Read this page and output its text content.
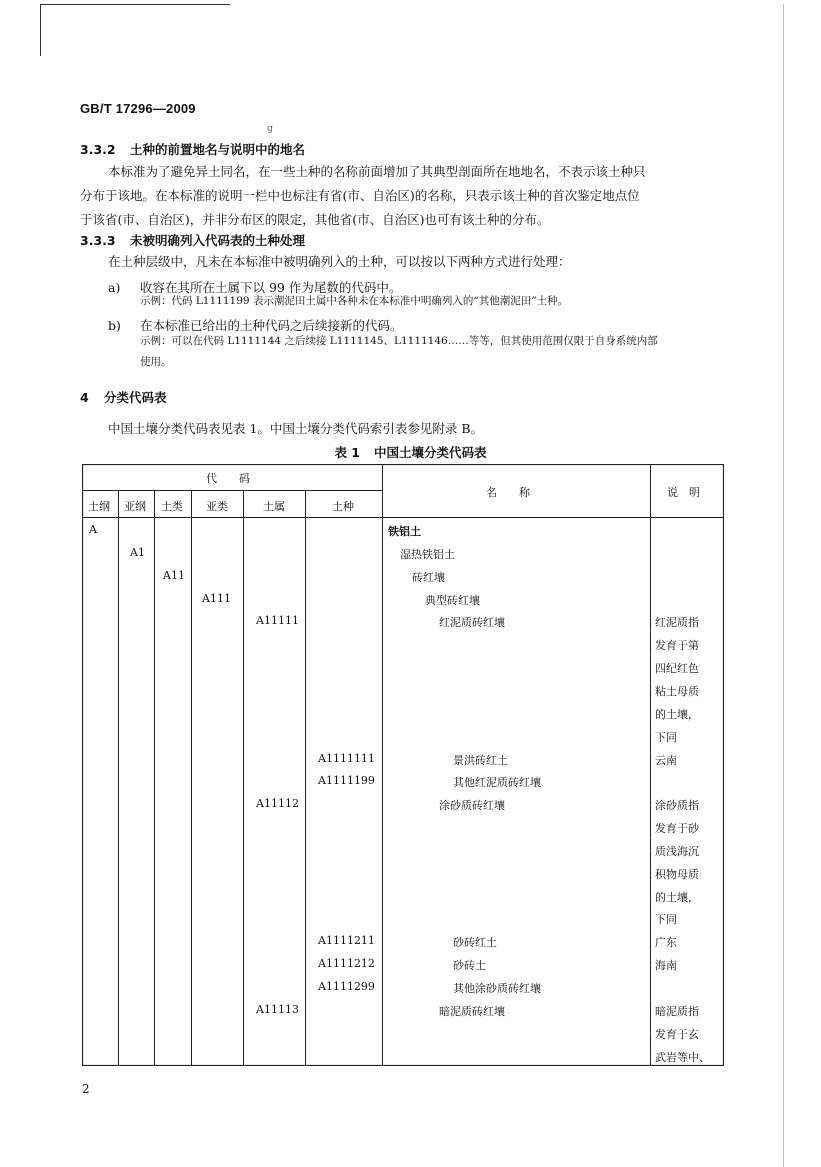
GB/T 17296—2009
ց
3.3.2 土种的前置地名与说明中的地名

本标准为了避免异土同名，在一些土种的名称前面增加了其典型剖面所在地地名，不表示该土种只

分布于该地。在本标准的说明一栏中也标注有省(市、自治区)的名称，只表示该土种的首次鉴定地点位

于该省(市、自治区)，并非分布区的限定，其他省(市、自治区)也可有该土种的分布。

3.3.3 未被明确列入代码表的土种处理

在土种层级中，凡未在本标准中被明确列入的土种，可以按以下两种方式进行处理：

a) 收容在其所在土属下以 99 作为尾数的代码中。
示例：代码 L1111199 表示潮泥田土属中各种未在本标准中明确列入的“其他潮泥田”土种。
b) 在本标准已给出的土种代码之后续接新的代码。
示例：可以在代码 L1111144 之后续接 L1111145、L1111146……等等，但其使用范围仅限于自身系统内部
使用。
4 分类代码表

中国土壤分类代码表见表 1。中国土壤分类代码索引表参见附录 B。

表 1 中国土壤分类代码表
代　　码
土纲 亚纲 土类 亚类	土属	土种
名　　称	说　明
A	铁铝土
A1	湿热铁铝土
A11	砖红壤
A111	典型砖红壤
A11111	红泥质砖红壤	红泥质指
发育于第
四纪红色
粘土母质
的土壤，
下同
A1111111	景洪砖红土	云南
A1111199	其他红泥质砖红壤
A11112	涂砂质砖红壤	涂砂质指
发育于砂
质浅海沉
积物母质
的土壤，
下同
A1111211	砂砖红土	广东
A1111212	砂砖土	海南
A1111299	其他涂砂质砖红壤
A11113	暗泥质砖红壤	暗泥质指
发育于玄
武岩等中、
2
